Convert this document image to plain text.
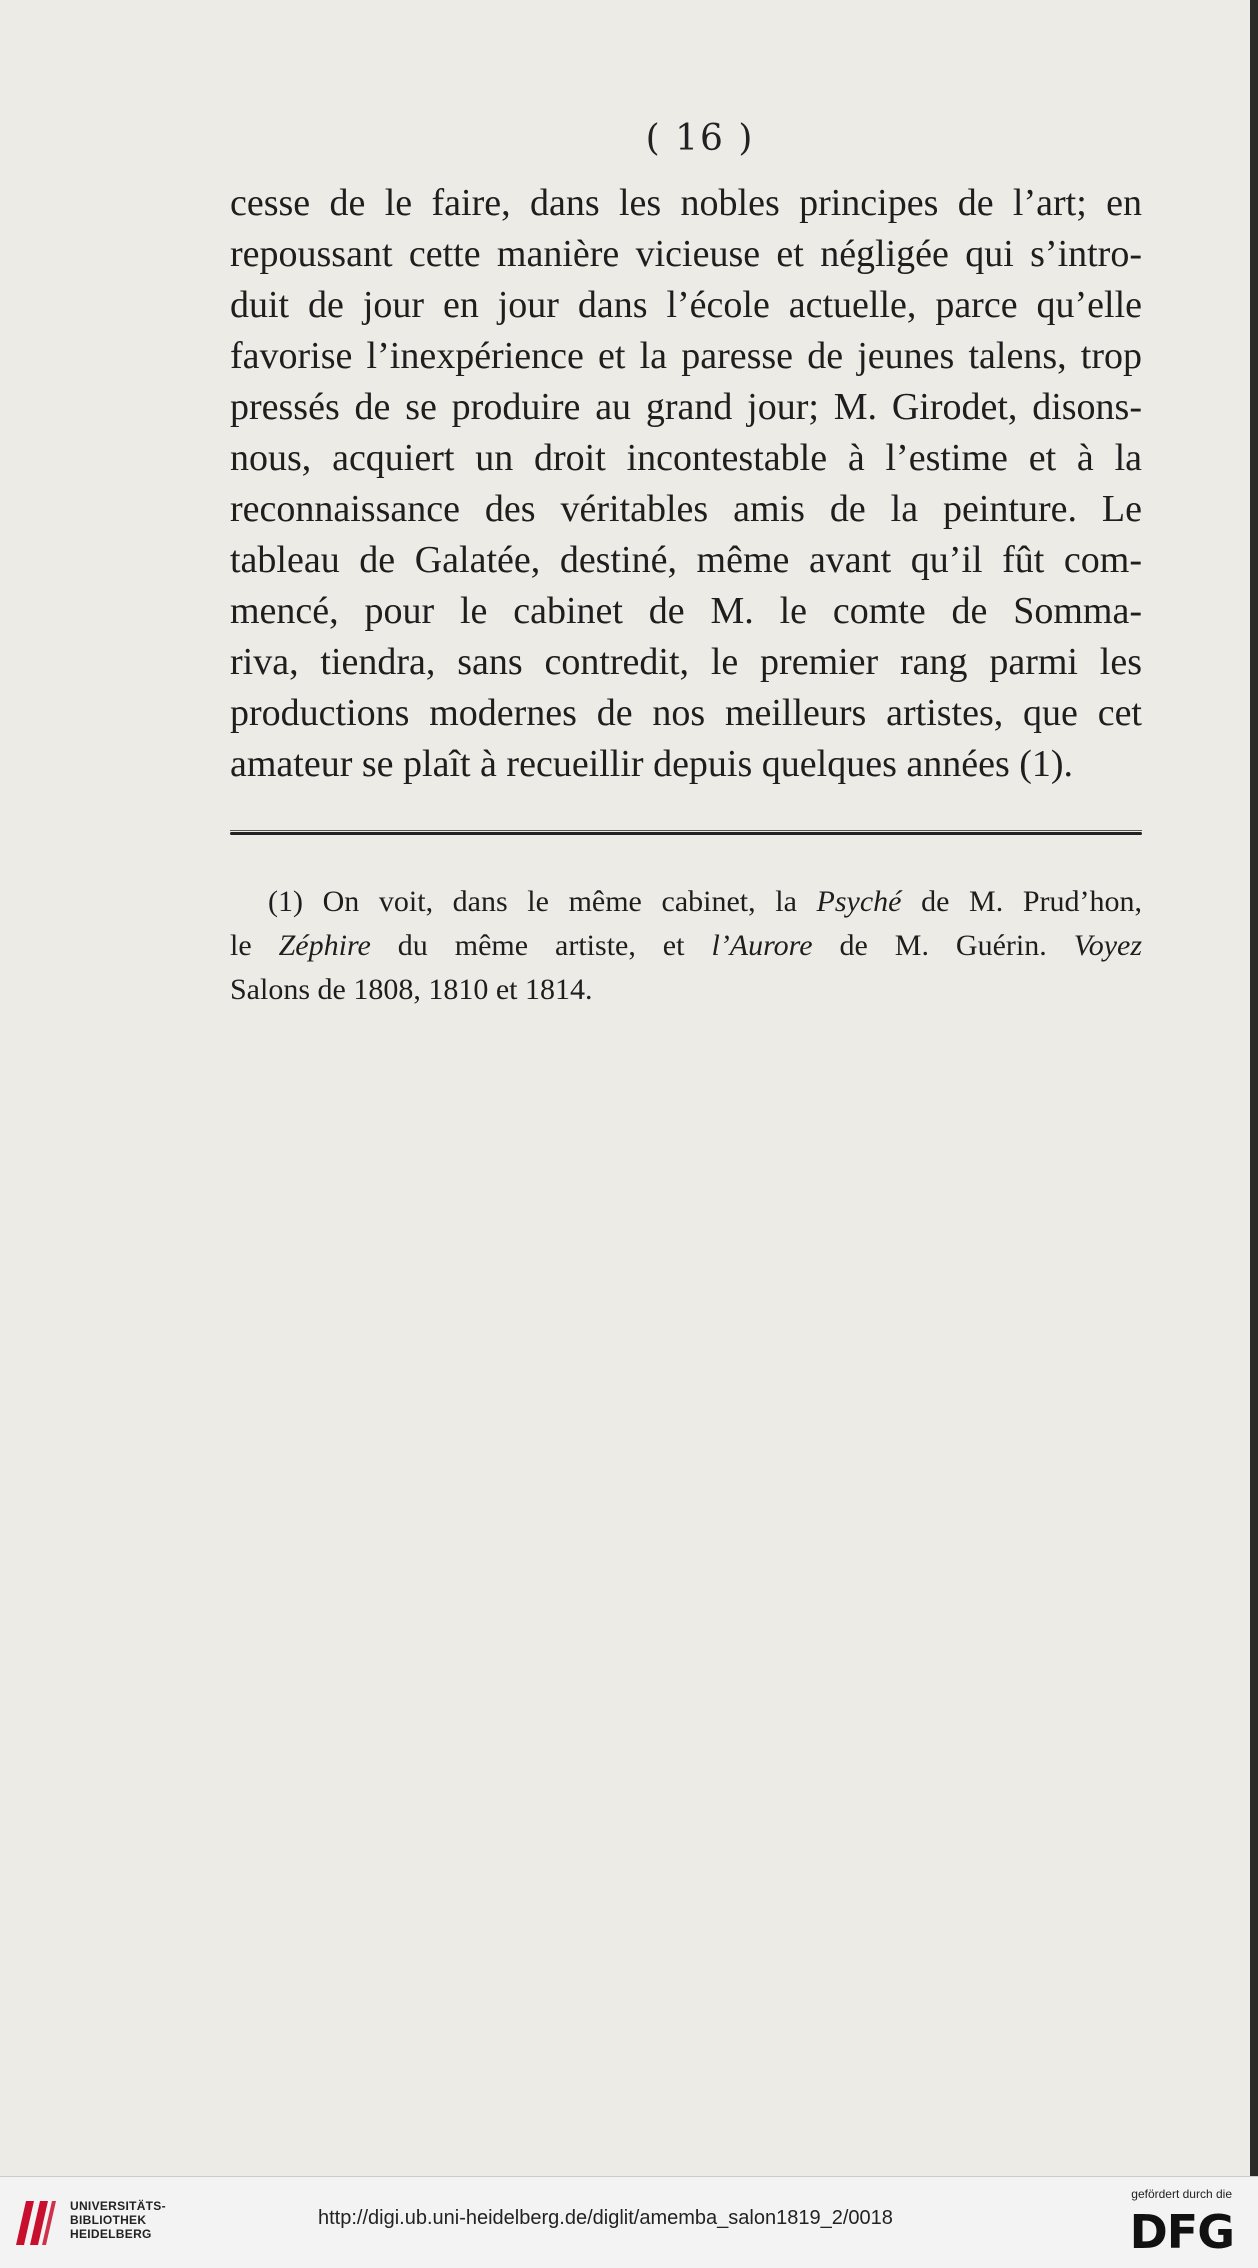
( 16 )
cesse de le faire, dans les nobles principes de l’art; en
repoussant cette manière vicieuse et négligée qui s’intro-
duit de jour en jour dans l’école actuelle, parce qu’elle
favorise l’inexpérience et la paresse de jeunes talens, trop
pressés de se produire au grand jour; M. Girodet, disons-
nous, acquiert un droit incontestable à l’estime et à la
reconnaissance des véritables amis de la peinture. Le
tableau de Galatée, destiné, même avant qu’il fût com-
mencé, pour le cabinet de M. le comte de Somma-
riva, tiendra, sans contredit, le premier rang parmi les
productions modernes de nos meilleurs artistes, que cet
amateur se plaît à recueillir depuis quelques années (1).
(1) On voit, dans le même cabinet, la Psyché de M. Prud’hon,
le Zéphire du même artiste, et l’Aurore de M. Guérin. Voyez
Salons de 1808, 1810 et 1814.
UNIVERSITÄTS-
BIBLIOTHEK
HEIDELBERG
http://digi.ub.uni-heidelberg.de/diglit/amemba_salon1819_2/0018
gefördert durch die
DFG
